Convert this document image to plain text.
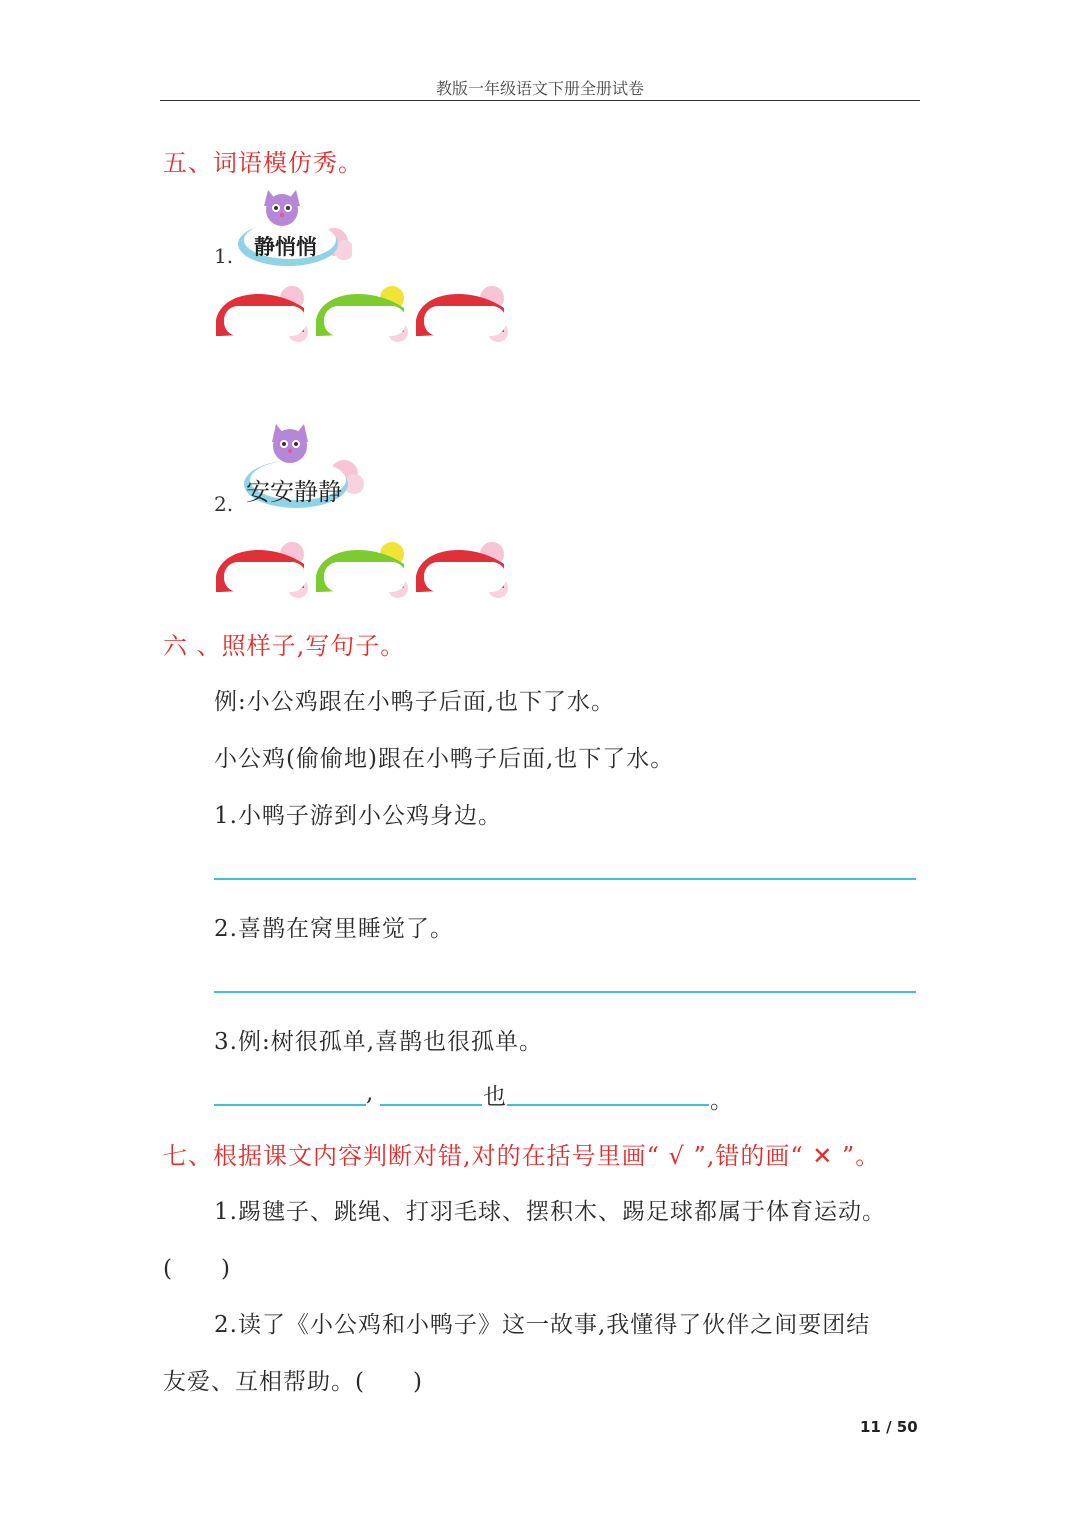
教版一年级语文下册全册试卷
五、词语模仿秀。
1. 静悄悄
2. 安安静静
六 、照样子,写句子。
例:小公鸡跟在小鸭子后面,也下了水。
小公鸡(偷偷地)跟在小鸭子后面,也下了水。
1.小鸭子游到小公鸡身边。
2.喜鹊在窝里睡觉了。
3.例:树很孤单,喜鹊也很孤单。
,	也	。
七、根据课文内容判断对错,对的在括号里画“ √ ”,错的画“ ✕ ”。
1.踢毽子、跳绳、打羽毛球、摆积木、踢足球都属于体育运动。
(　　)
2.读了《小公鸡和小鸭子》这一故事,我懂得了伙伴之间要团结
友爱、互相帮助。(　　)
11 / 50
